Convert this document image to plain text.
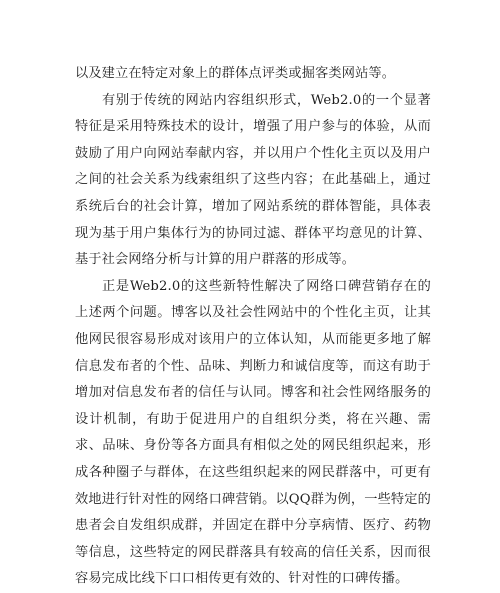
以及建立在特定对象上的群体点评类或掘客类网站等。

有别于传统的网站内容组织形式，Web2.0的一个显著特征是采用特殊技术的设计，增强了用户参与的体验，从而鼓励了用户向网站奉献内容，并以用户个性化主页以及用户之间的社会关系为线索组织了这些内容；在此基础上，通过系统后台的社会计算，增加了网站系统的群体智能，具体表现为基于用户集体行为的协同过滤、群体平均意见的计算、基于社会网络分析与计算的用户群落的形成等。

正是Web2.0的这些新特性解决了网络口碑营销存在的上述两个问题。博客以及社会性网站中的个性化主页，让其他网民很容易形成对该用户的立体认知，从而能更多地了解信息发布者的个性、品味、判断力和诚信度等，而这有助于增加对信息发布者的信任与认同。博客和社会性网络服务的设计机制，有助于促进用户的自组织分类，将在兴趣、需求、品味、身份等各方面具有相似之处的网民组织起来，形成各种圈子与群体，在这些组织起来的网民群落中，可更有效地进行针对性的网络口碑营销。以QQ群为例，一些特定的患者会自发组织成群，并固定在群中分享病情、医疗、药物等信息，这些特定的网民群落具有较高的信任关系，因而很容易完成比线下口口相传更有效的、针对性的口碑传播。
